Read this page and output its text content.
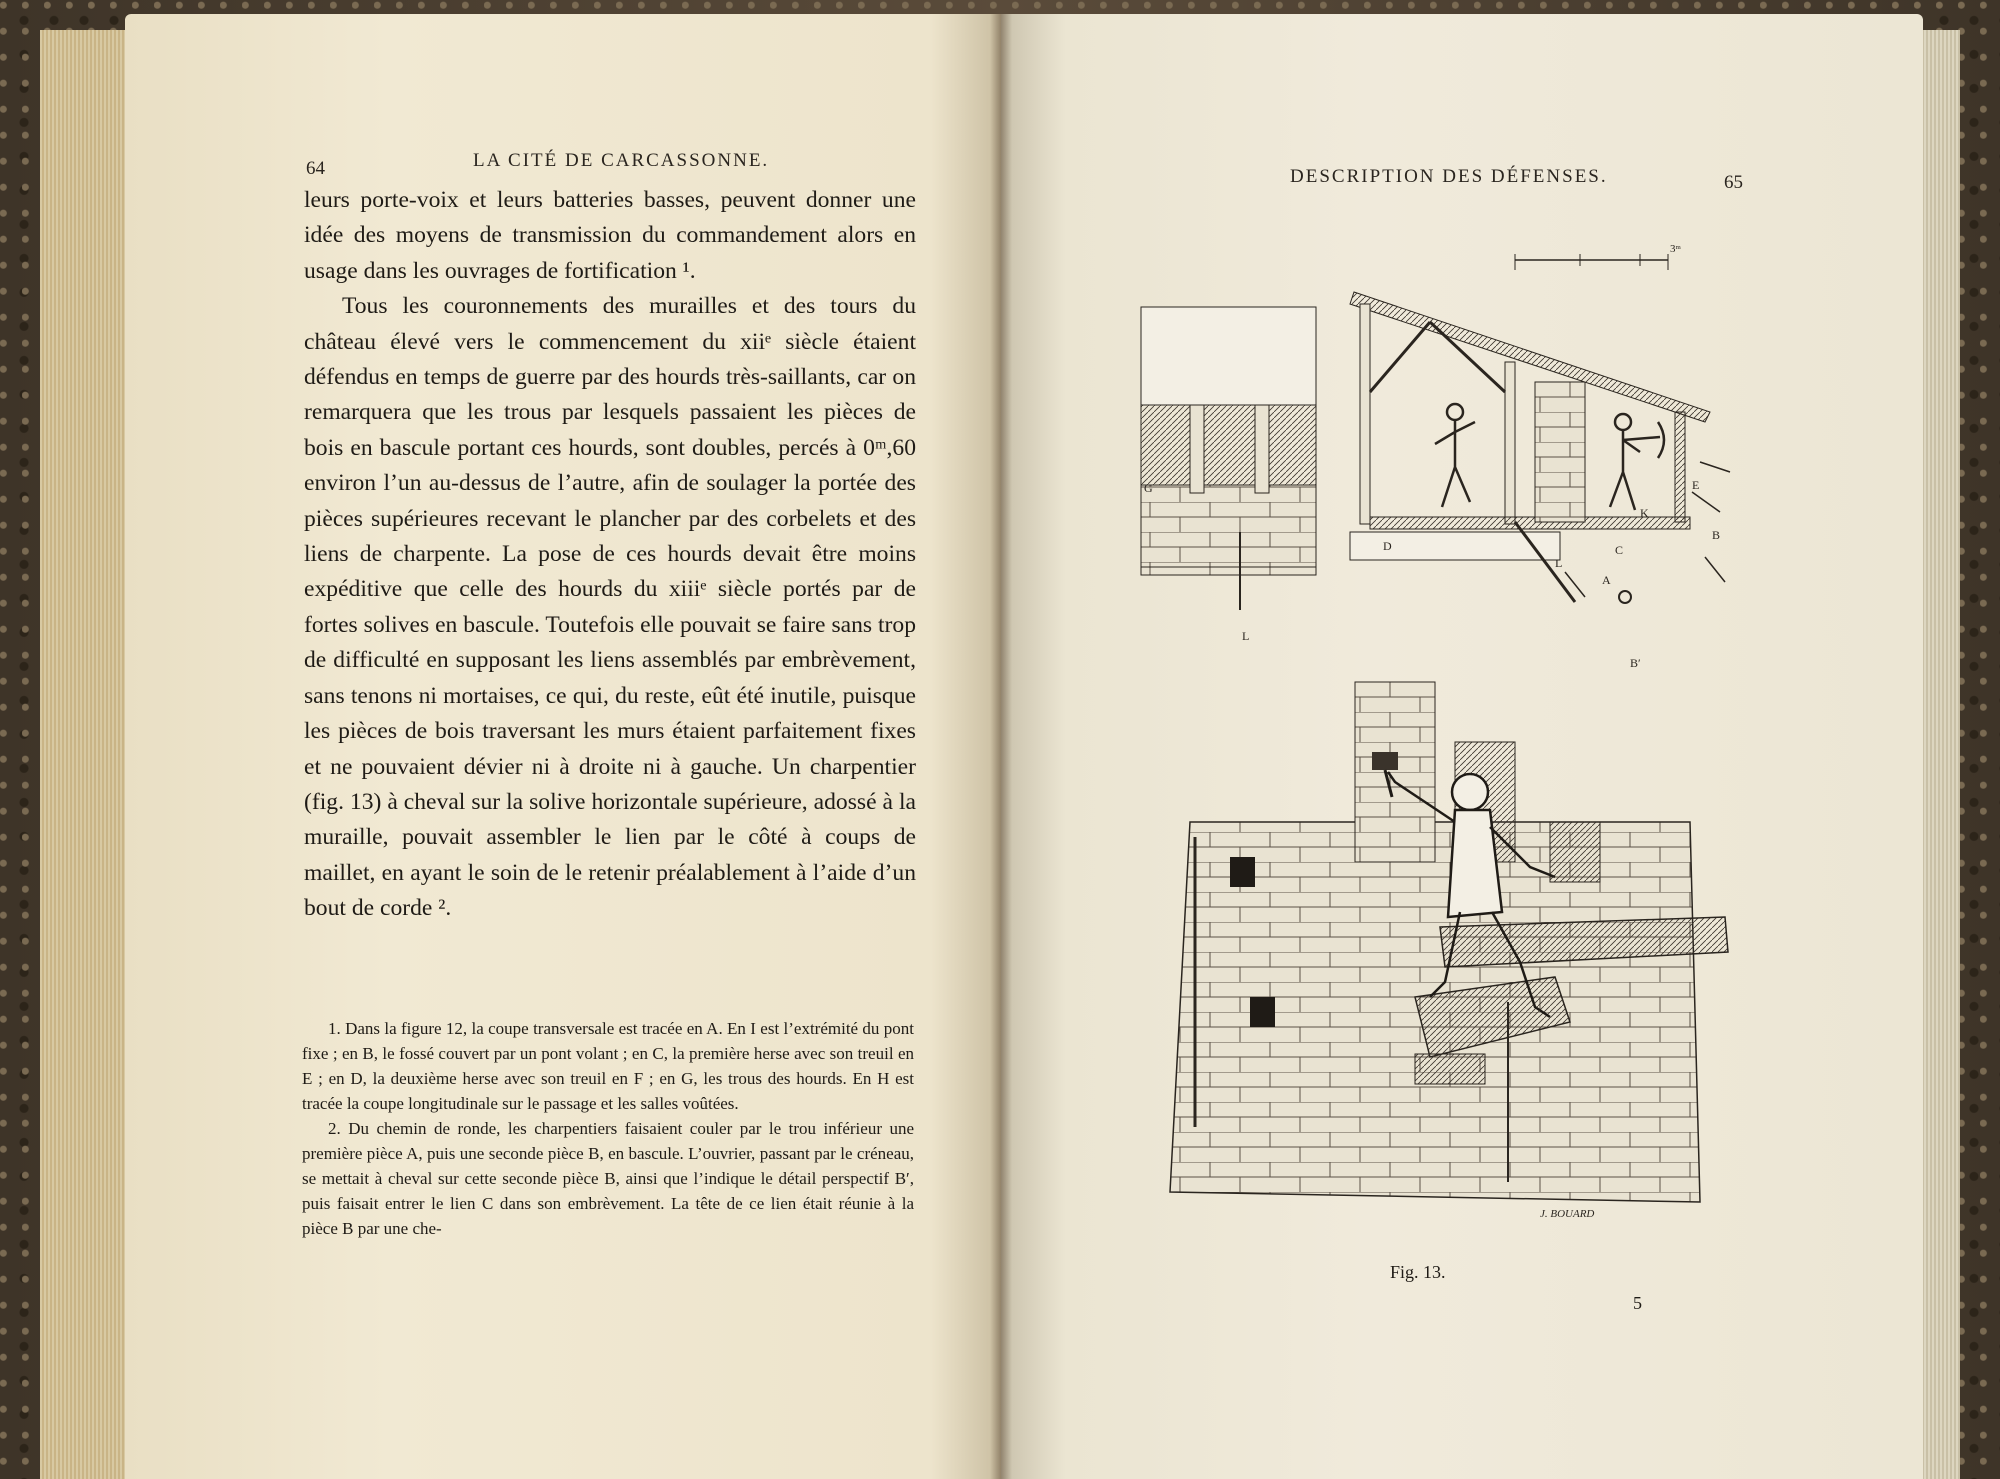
64	LA CITÉ DE CARCASSONNE.

leurs porte-voix et leurs batteries basses, peuvent donner une idée des moyens de transmission du commandement alors en usage dans les ouvrages de fortification ¹.

Tous les couronnements des murailles et des tours du château élevé vers le commencement du xiiᵉ siècle étaient défendus en temps de guerre par des hourds très-saillants, car on remarquera que les trous par lesquels passaient les pièces de bois en bascule portant ces hourds, sont doubles, percés à 0ᵐ,60 environ l’un au-dessus de l’autre, afin de soulager la portée des pièces supérieures recevant le plancher par des corbelets et des liens de charpente. La pose de ces hourds devait être moins expéditive que celle des hourds du xiiiᵉ siècle portés par de fortes solives en bascule. Toutefois elle pouvait se faire sans trop de difficulté en supposant les liens assemblés par embrèvement, sans tenons ni mortaises, ce qui, du reste, eût été inutile, puisque les pièces de bois traversant les murs étaient parfaitement fixes et ne pouvaient dévier ni à droite ni à gauche. Un charpentier (fig. 13) à cheval sur la solive horizontale supérieure, adossé à la muraille, pouvait assembler le lien par le côté à coups de maillet, en ayant le soin de le retenir préalablement à l’aide d’un bout de corde ².

1. Dans la figure 12, la coupe transversale est tracée en A. En I est l’extrémité du pont fixe ; en B, le fossé couvert par un pont volant ; en C, la première herse avec son treuil en E ; en D, la deuxième herse avec son treuil en F ; en G, les trous des hourds. En H est tracée la coupe longitudinale sur le passage et les salles voûtées.

2. Du chemin de ronde, les charpentiers faisaient couler par le trou inférieur une première pièce A, puis une seconde pièce B, en bascule. L’ouvrier, passant par le créneau, se mettait à cheval sur cette seconde pièce B, ainsi que l’indique le détail perspectif B′, puis faisait entrer le lien C dans son embrèvement. La tête de ce lien était réunie à la pièce B par une che-

DESCRIPTION DES DÉFENSES.	65
3ᵐ
G
L
D
L
A
C
K
E
B
B′
J. BOUARD
Fig. 13.
5
